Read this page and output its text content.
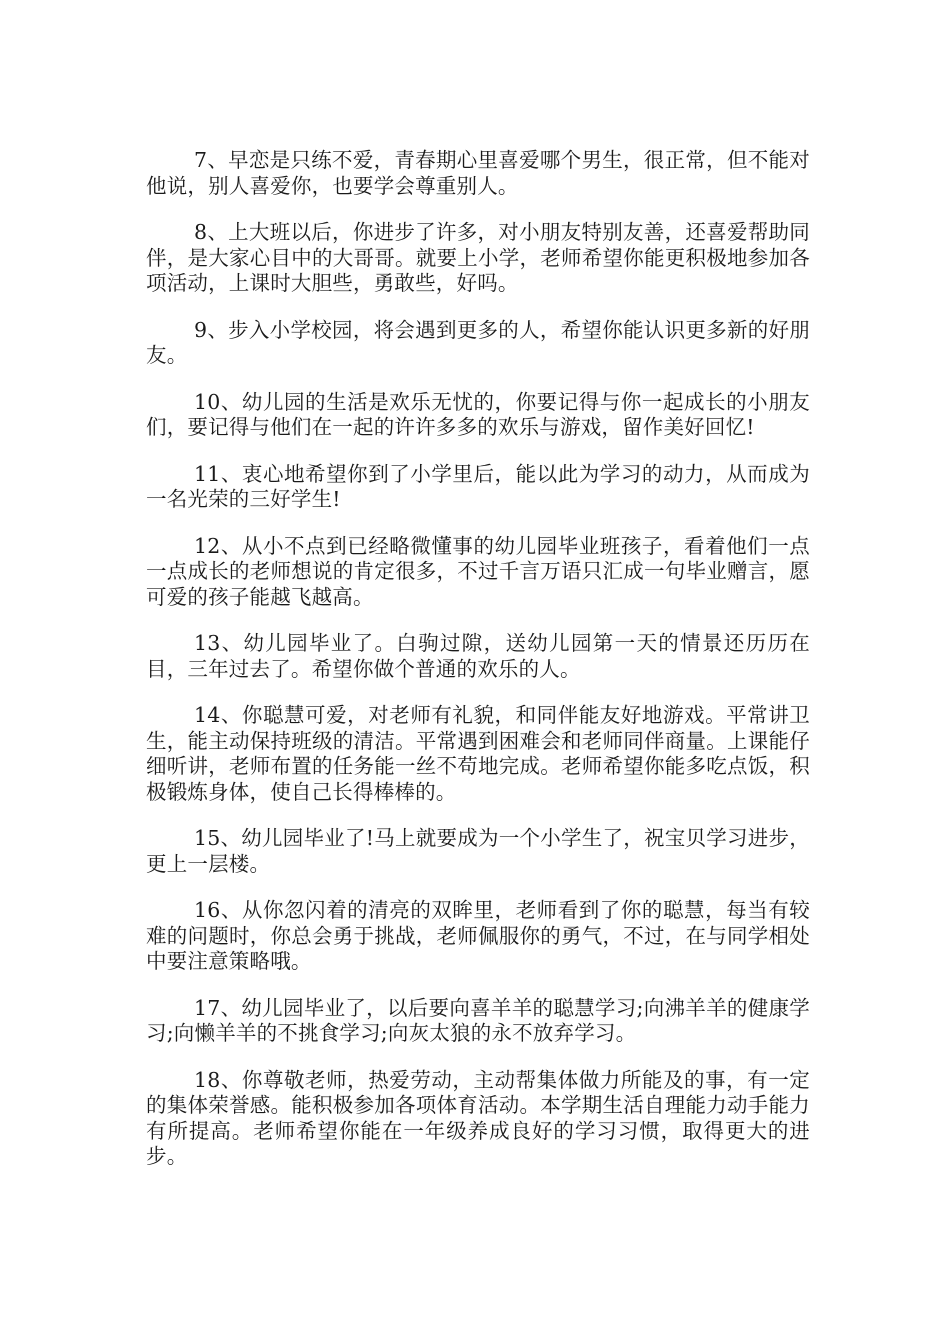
7、早恋是只练不爱，青春期心里喜爱哪个男生，很正常，但不能对他说，别人喜爱你，也要学会尊重别人。

8、上大班以后，你进步了许多，对小朋友特别友善，还喜爱帮助同伴，是大家心目中的大哥哥。就要上小学，老师希望你能更积极地参加各项活动，上课时大胆些，勇敢些，好吗。

9、步入小学校园，将会遇到更多的人，希望你能认识更多新的好朋友。

10、幼儿园的生活是欢乐无忧的，你要记得与你一起成长的小朋友们，要记得与他们在一起的许许多多的欢乐与游戏，留作美好回忆!

11、衷心地希望你到了小学里后，能以此为学习的动力，从而成为一名光荣的三好学生!

12、从小不点到已经略微懂事的幼儿园毕业班孩子，看着他们一点一点成长的老师想说的肯定很多，不过千言万语只汇成一句毕业赠言，愿可爱的孩子能越飞越高。

13、幼儿园毕业了。白驹过隙，送幼儿园第一天的情景还历历在目，三年过去了。希望你做个普通的欢乐的人。

14、你聪慧可爱，对老师有礼貌，和同伴能友好地游戏。平常讲卫生，能主动保持班级的清洁。平常遇到困难会和老师同伴商量。上课能仔细听讲，老师布置的任务能一丝不苟地完成。老师希望你能多吃点饭，积极锻炼身体，使自己长得棒棒的。

15、幼儿园毕业了!马上就要成为一个小学生了，祝宝贝学习进步，更上一层楼。

16、从你忽闪着的清亮的双眸里，老师看到了你的聪慧，每当有较难的问题时，你总会勇于挑战，老师佩服你的勇气，不过，在与同学相处中要注意策略哦。

17、幼儿园毕业了，以后要向喜羊羊的聪慧学习;向沸羊羊的健康学习;向懒羊羊的不挑食学习;向灰太狼的永不放弃学习。

18、你尊敬老师，热爱劳动，主动帮集体做力所能及的事，有一定的集体荣誉感。能积极参加各项体育活动。本学期生活自理能力动手能力有所提高。老师希望你能在一年级养成良好的学习习惯，取得更大的进步。
